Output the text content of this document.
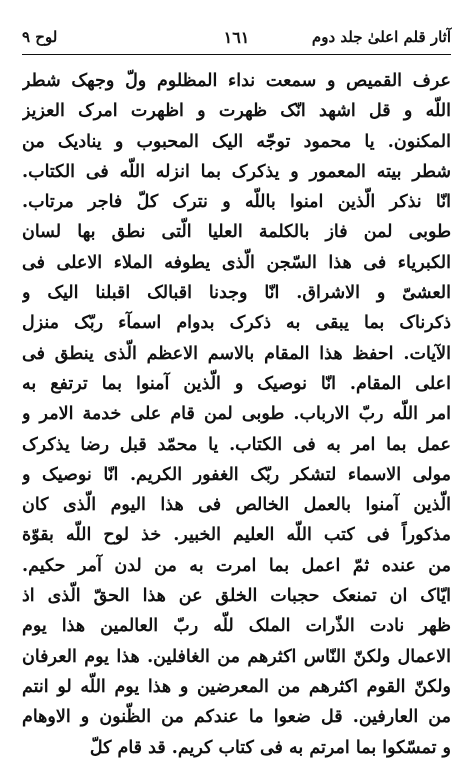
آثار قلم اعلیٰ جلد دوم
١٦١
لوح ۹
عرف القمیص و سمعت نداء المظلوم ولّ وجهک شطر
اللّه و قل اشهد انّک ظهرت و اظهرت امرک العزیز
المکنون. یا محمود توجّه الیک المحبوب و ینادیک من
شطر بیته المعمور و یذکرک بما انزله اللّه فی الکتاب.
انّا نذکر الّذین امنوا باللّه و نترک کلّ فاجر مرتاب.
طوبی لمن فاز بالکلمة العلیا الّتی نطق بها لسان
الکبریاء فی هذا السّجن الّذی یطوفه الملاء الاعلی فی
العشیّ و الاشراق. انّا وجدنا اقبالک اقبلنا الیک و
ذکرناک بما یبقی به ذکرک بدوام اسمآء ربّک منزل
الآیات. احفظ هذا المقام بالاسم الاعظم الّذی ینطق فی
اعلی المقام. انّا نوصیک و الّذین آمنوا بما ترتفع به
امر اللّه ربّ الارباب. طوبی لمن قام علی خدمة الامر و
عمل بما امر به فی الکتاب. یا محمّد قبل رضا یذکرک
مولی الاسماء لتشکر ربّک الغفور الکریم. انّا نوصیک و
الّذین آمنوا بالعمل الخالص فی هذا الیوم الّذی کان
مذکوراً فی کتب اللّه العلیم الخبیر. خذ لوح اللّه بقوّة
من عنده ثمّ اعمل بما امرت به من لدن آمر حکیم.
ایّاک ان تمنعک حجبات الخلق عن هذا الحقّ الّذی اذ
ظهر نادت الذّرات الملک للّه ربّ العالمین هذا یوم
الاعمال ولکنّ النّاس اکثرهم من الغافلین. هذا یوم العرفان
ولکنّ القوم اکثرهم من المعرضین و هذا یوم اللّه لو انتم
من العارفین. قل ضعوا ما عندکم من الظّنون و الاوهام
و تمسّکوا بما امرتم به فی کتاب کریم. قد قام کلّ
